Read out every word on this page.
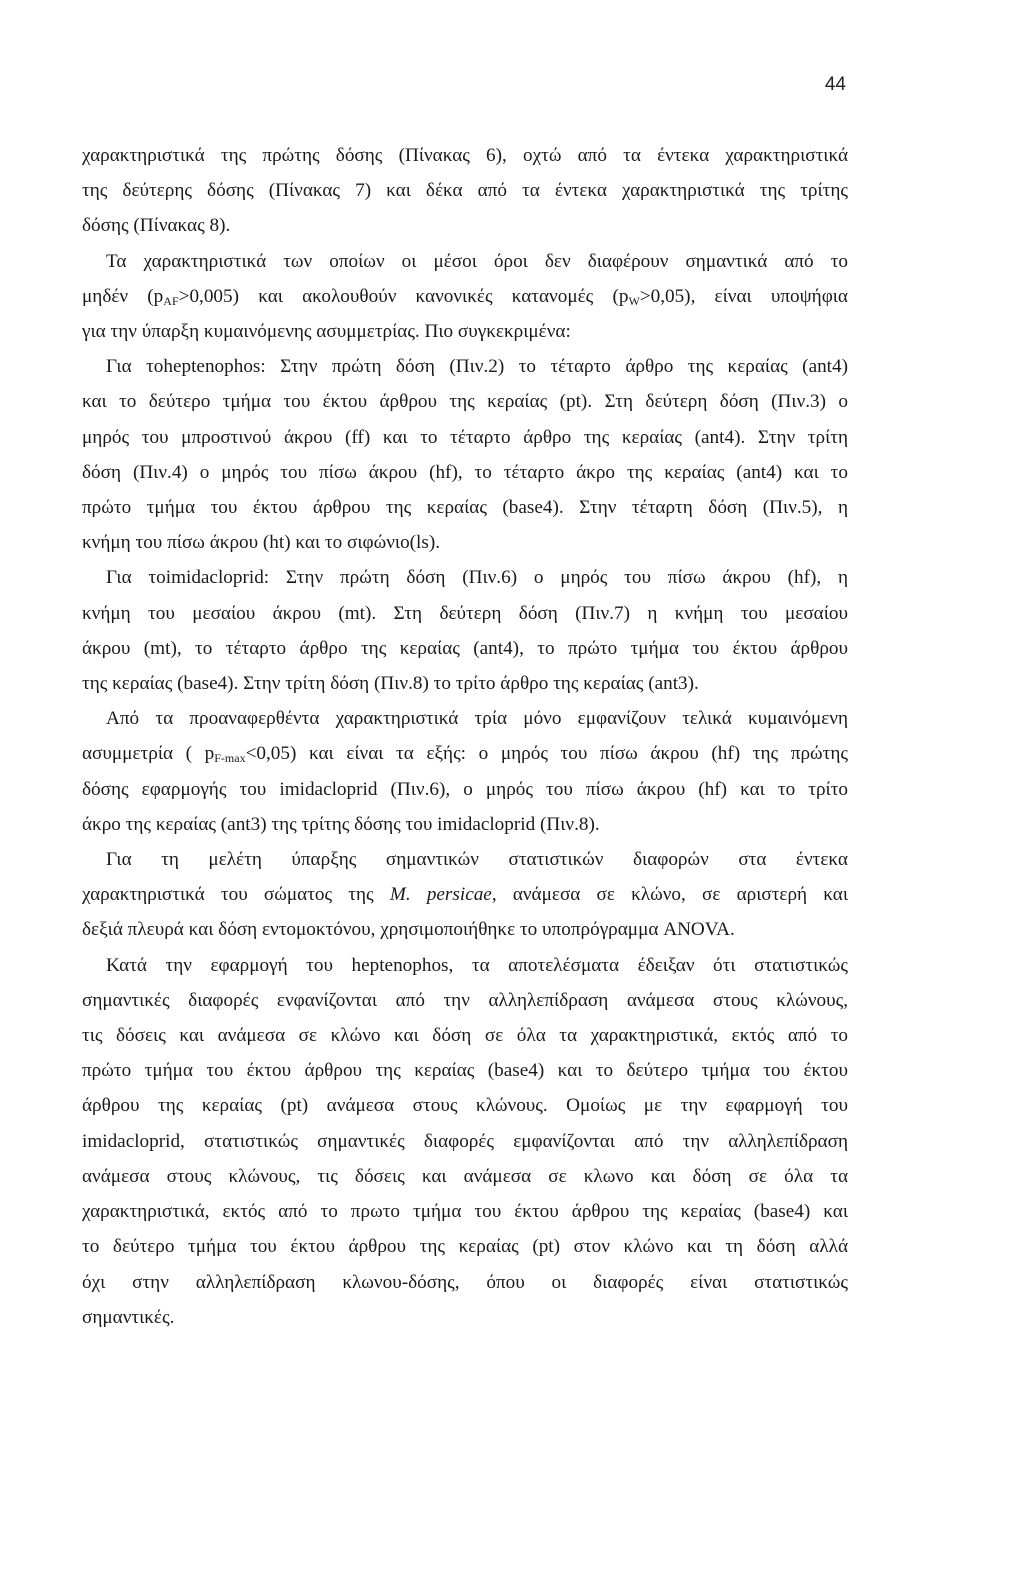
44
χαρακτηριστικά της πρώτης δόσης (Πίνακας 6), οχτώ από τα έντεκα χαρακτηριστικά
της δεύτερης δόσης (Πίνακας 7) και δέκα από τα έντεκα χαρακτηριστικά της τρίτης
δόσης (Πίνακας 8).
Τα χαρακτηριστικά των οποίων οι μέσοι όροι δεν διαφέρουν σημαντικά από το
μηδέν $(p_{AF}>0,005)$ και ακολουθούν κανονικές κατανομές $(p_W>0,05)$, είναι υποψήφια
για την ύπαρξη κυμαινόμενης ασυμμετρίας. Πιο συγκεκριμένα:
Για τοheptenophos: Στην πρώτη δόση (Πιν.2) το τέταρτο άρθρο της κεραίας (ant4)
και το δεύτερο τμήμα του έκτου άρθρου της κεραίας (pt). Στη δεύτερη δόση (Πιν.3) ο
μηρός του μπροστινού άκρου (ff) και το τέταρτο άρθρο της κεραίας (ant4). Στην τρίτη
δόση (Πιν.4) ο μηρός του πίσω άκρου (hf), το τέταρτο άκρο της κεραίας (ant4) και το
πρώτο τμήμα του έκτου άρθρου της κεραίας (base4). Στην τέταρτη δόση (Πιν.5), η
κνήμη του πίσω άκρου (ht) και το σιφώνιο(ls).
Για τoimidacloprid: Στην πρώτη δόση (Πιν.6) ο μηρός του πίσω άκρου (hf), η
κνήμη του μεσαίου άκρου (mt). Στη δεύτερη δόση (Πιν.7) η κνήμη του μεσαίου
άκρου (mt), το τέταρτο άρθρο της κεραίας (ant4), το πρώτο τμήμα του έκτου άρθρου
της κεραίας (base4). Στην τρίτη δόση (Πιν.8) το τρίτο άρθρο της κεραίας (ant3).
Από τα προαναφερθέντα χαρακτηριστικά τρία μόνο εμφανίζουν τελικά κυμαινόμενη
ασυμμετρία ( $p_{F-max}<0,05$) και είναι τα εξής: ο μηρός του πίσω άκρου (hf) της πρώτης
δόσης εφαρμογής του imidacloprid (Πιν.6), ο μηρός του πίσω άκρου (hf) και το τρίτο
άκρο της κεραίας (ant3) της τρίτης δόσης του imidacloprid (Πιν.8).
Για τη μελέτη ύπαρξης σημαντικών στατιστικών διαφορών στα έντεκα
χαρακτηριστικά του σώματος της M. persicae, ανάμεσα σε κλώνο, σε αριστερή και
δεξιά πλευρά και δόση εντομοκτόνου, χρησιμοποιήθηκε το υποπρόγραμμα ANOVA.
Κατά την εφαρμογή του heptenophos, τα αποτελέσματα έδειξαν ότι στατιστικώς
σημαντικές διαφορές ενφανίζονται από την αλληλεπίδραση ανάμεσα στους κλώνους,
τις δόσεις και ανάμεσα σε κλώνο και δόση σε όλα τα χαρακτηριστικά, εκτός από το
πρώτο τμήμα του έκτου άρθρου της κεραίας (base4) και το δεύτερο τμήμα του έκτου
άρθρου της κεραίας (pt) ανάμεσα στους κλώνους. Ομοίως με την εφαρμογή του
imidacloprid, στατιστικώς σημαντικές διαφορές εμφανίζονται από την αλληλεπίδραση
ανάμεσα στους κλώνους, τις δόσεις και ανάμεσα σε κλωνο και δόση σε όλα τα
χαρακτηριστικά, εκτός από το πρωτο τμήμα του έκτου άρθρου της κεραίας (base4) και
το δεύτερο τμήμα του έκτου άρθρου της κεραίας (pt) στον κλώνο και τη δόση αλλά
όχι στην αλληλεπίδραση κλωνου-δόσης, όπου οι διαφορές είναι στατιστικώς
σημαντικές.
